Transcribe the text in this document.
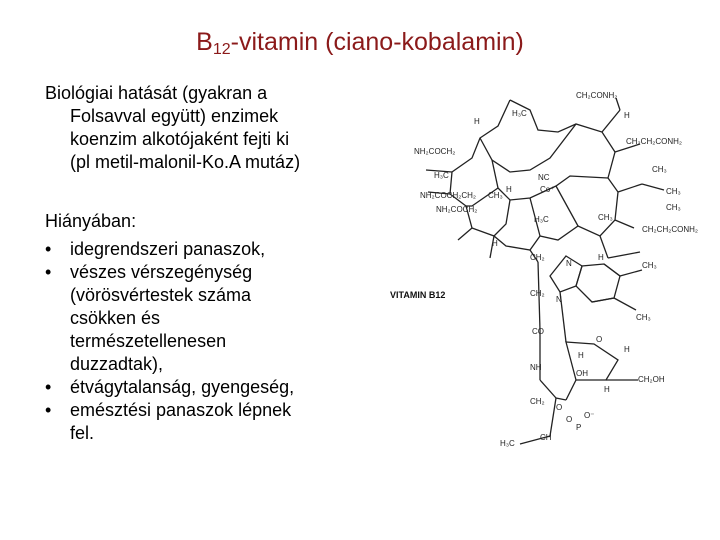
$B_{12}$-vitamin (ciano-kobalamin)
Biológiai hatását (gyakran a
Folsavval együtt) enzimek
koenzim alkotójaként fejti ki
(pl metil-malonil-Ko.A mutáz)
Hiányában:
• idegrendszeri panaszok,
• vészes vérszegénység
(vörösvértestek száma
csökken és
természetellenesen
duzzadtak),
• étvágytalanság, gyengeség,
• emésztési panaszok lépnek
fel.
CH₂CONH₂
H₃C
H
NH₂COCH₂
H
CH₂CH₂CONH₂
CH₃
CH₃
NC
Co⁺
H₃C
NH₂COCH₂CH₂ CH₃
NH₂COCH₂
H
H₃C	CH₃
H
CH₂CH₂CONH₂
CH₃
CH₂
CH₂
CO
NH
CH₂
H₃C
CH
O
O
P
O⁻
OH
CH₂OH
H
H
H
O
N
N
CH₃
CH₃
H
VITAMIN B12
